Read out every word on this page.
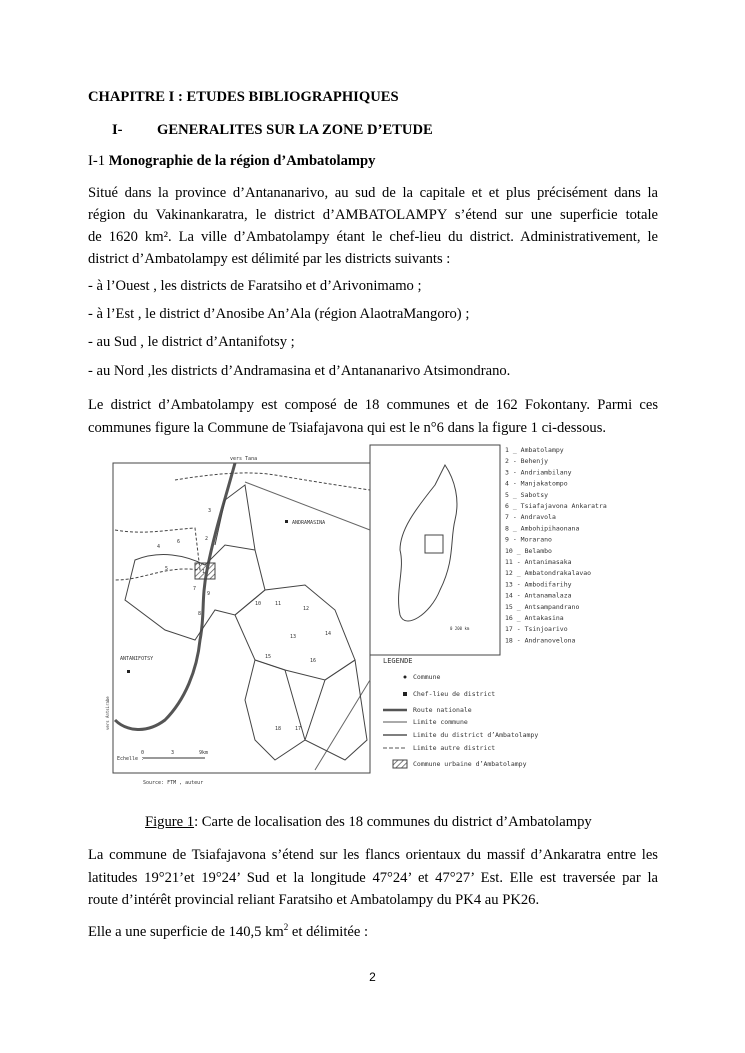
CHAPITRE I : ETUDES BIBLIOGRAPHIQUES
I- GENERALITES SUR LA ZONE D’ETUDE
I-1 Monographie de la région d’Ambatolampy
Situé dans la province d’Antananarivo, au sud de la capitale et et plus précisément dans la
région du Vakinankaratra, le district d’AMBATOLAMPY s’étend sur une superficie totale
de 1620 km². La ville d’Ambatolampy étant le chef-lieu du district. Administrativement, le
district d’Ambatolampy est délimité par les districts suivants :
- à l’Ouest , les districts de Faratsiho et d’Arivonimamo ;
- à l’Est , le district d’Anosibe An’Ala (région AlaotraMangoro) ;
- au Sud , le district d’Antanifotsy ;
- au Nord ,les districts d’Andramasina et d’Antananarivo Atsimondrano.
Le district d’Ambatolampy est composé de 18 communes et de 162 Fokontany. Parmi ces
communes figure la Commune de Tsiafajavona qui est le n°6 dans la figure 1 ci-dessous.
vers Tana
ANDRAMASINA
ANTANIFOTSY
vers Antsirabe
Echelle :
0	3	9km
Source: FTM , auteur
0 200 km
1
2
3
4
5
6
7
8
9
10	11
12
13	14
15
16
17
18
1 _ Ambatolampy
2 - Behenjy
3 - Andriambilany
4 - Manjakatompo
5 _ Sabotsy
6 _ Tsiafajavona Ankaratra
7 - Andravola
8 _ Ambohipihaonana
9 - Morarano
10 _ Belambo
11 - Antanimasaka
12 _ Ambatondrakalavao
13 - Ambodifarihy
14 - Antanamalaza
15 _ Antsampandrano
16 _ Antakasina
17 - Tsinjoarivo
18 - Andranovelona
LEGENDE
Commune
Chef-lieu de district
Route nationale
Limite commune
Limite du district d’Ambatolampy
Limite autre district
Commune urbaine d’Ambatolampy
Figure 1: Carte de localisation des 18 communes du district d’Ambatolampy
La commune de Tsiafajavona s’étend sur les flancs orientaux du massif d’Ankaratra entre les
latitudes 19°21’et 19°24’ Sud et la longitude 47°24’ et 47°27’ Est. Elle est traversée par la
route d’intérêt provincial reliant Faratsiho et Ambatolampy du PK4 au PK26.
Elle a une superficie de 140,5 $km^2$ et délimitée :
2
